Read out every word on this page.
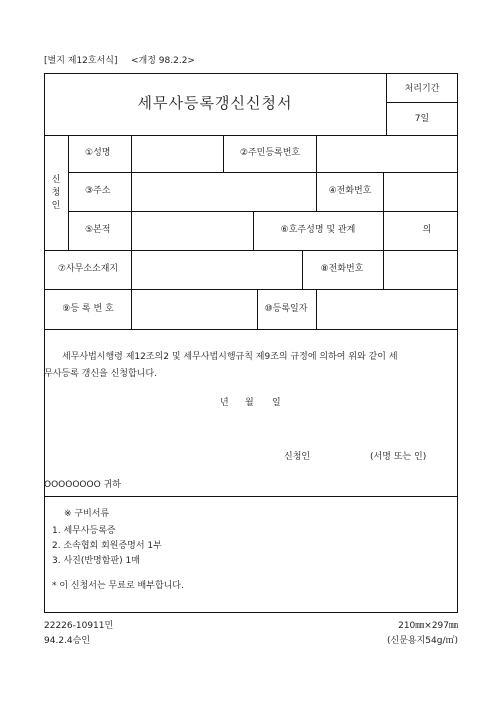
[별지 제12호서식] <개정 98.2.2>
세무사등록갱신신청서
처리기간
7일
신
청
인
①성명	②주민등록번호
③주소	④전화번호
⑤본적	⑥호주성명 및 관계	의
⑦사무소소재지	⑧전화번호
⑨등 록 번 호	⑩등록일자
세무사법시행령 제12조의2 및 세무사법시행규칙 제9조의 규정에 의하여 위와 같이 세
무사등록 갱신을 신청합니다.
년 월 일
신청인	(서명 또는 인)
OOOOOOOO 귀하
※ 구비서류
1. 세무사등록증
2. 소속협회 회원증명서 1부
3. 사진(반명함판) 1매
* 이 신청서는 무료로 배부합니다.
22226-10911민
94.2.4승인
210㎜×297㎜
(신문용지54g/㎡)
